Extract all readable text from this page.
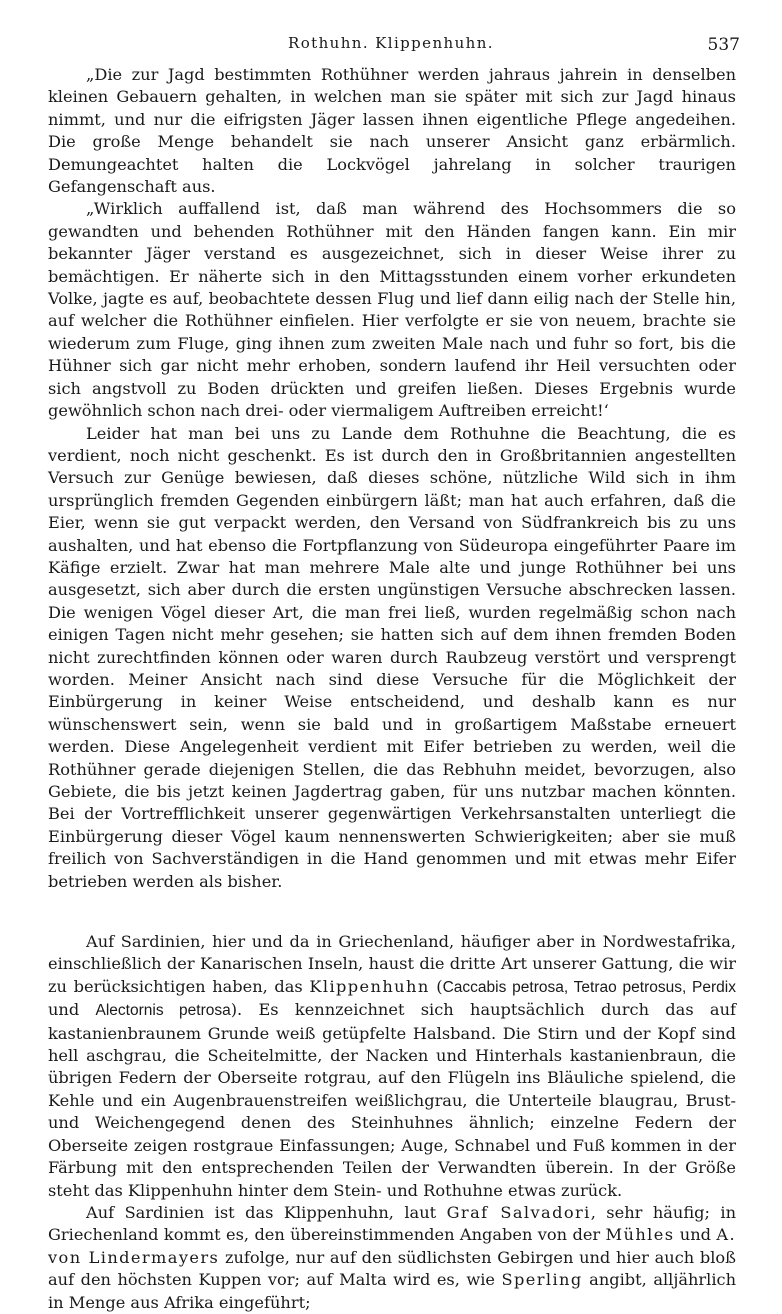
Rothuhn. Klippenhuhn.	537

„Die zur Jagd bestimmten Rothühner werden jahraus jahrein in denselben kleinen Gebauern gehalten, in welchen man sie später mit sich zur Jagd hinaus nimmt, und nur die eifrigsten Jäger lassen ihnen eigentliche Pflege angedeihen. Die große Menge behandelt sie nach unserer Ansicht ganz erbärmlich. Demungeachtet halten die Lockvögel jahrelang in solcher traurigen Gefangenschaft aus.

„Wirklich auffallend ist, daß man während des Hochsommers die so gewandten und behenden Rothühner mit den Händen fangen kann. Ein mir bekannter Jäger verstand es ausgezeichnet, sich in dieser Weise ihrer zu bemächtigen. Er näherte sich in den Mittagsstunden einem vorher erkundeten Volke, jagte es auf, beobachtete dessen Flug und lief dann eilig nach der Stelle hin, auf welcher die Rothühner einfielen. Hier verfolgte er sie von neuem, brachte sie wiederum zum Fluge, ging ihnen zum zweiten Male nach und fuhr so fort, bis die Hühner sich gar nicht mehr erhoben, sondern laufend ihr Heil versuchten oder sich angstvoll zu Boden drückten und greifen ließen. Dieses Ergebnis wurde gewöhnlich schon nach drei- oder viermaligem Auftreiben erreicht!‘

Leider hat man bei uns zu Lande dem Rothuhne die Beachtung, die es verdient, noch nicht geschenkt. Es ist durch den in Großbritannien angestellten Versuch zur Genüge bewiesen, daß dieses schöne, nützliche Wild sich in ihm ursprünglich fremden Gegenden einbürgern läßt; man hat auch erfahren, daß die Eier, wenn sie gut verpackt werden, den Versand von Südfrankreich bis zu uns aushalten, und hat ebenso die Fortpflanzung von Südeuropa eingeführter Paare im Käfige erzielt. Zwar hat man mehrere Male alte und junge Rothühner bei uns ausgesetzt, sich aber durch die ersten ungünstigen Versuche abschrecken lassen. Die wenigen Vögel dieser Art, die man frei ließ, wurden regelmäßig schon nach einigen Tagen nicht mehr gesehen; sie hatten sich auf dem ihnen fremden Boden nicht zurechtfinden können oder waren durch Raubzeug verstört und versprengt worden. Meiner Ansicht nach sind diese Versuche für die Möglichkeit der Einbürgerung in keiner Weise entscheidend, und deshalb kann es nur wünschenswert sein, wenn sie bald und in großartigem Maßstabe erneuert werden. Diese Angelegenheit verdient mit Eifer betrieben zu werden, weil die Rothühner gerade diejenigen Stellen, die das Rebhuhn meidet, bevorzugen, also Gebiete, die bis jetzt keinen Jagdertrag gaben, für uns nutzbar machen könnten. Bei der Vortrefflichkeit unserer gegenwärtigen Verkehrsanstalten unterliegt die Einbürgerung dieser Vögel kaum nennenswerten Schwierigkeiten; aber sie muß freilich von Sachverständigen in die Hand genommen und mit etwas mehr Eifer betrieben werden als bisher.

Auf Sardinien, hier und da in Griechenland, häufiger aber in Nordwestafrika, einschließlich der Kanarischen Inseln, haust die dritte Art unserer Gattung, die wir zu berücksichtigen haben, das Klippenhuhn (Caccabis petrosa, Tetrao petrosus, Perdix und Alectornis petrosa). Es kennzeichnet sich hauptsächlich durch das auf kastanienbraunem Grunde weiß getüpfelte Halsband. Die Stirn und der Kopf sind hell aschgrau, die Scheitelmitte, der Nacken und Hinterhals kastanienbraun, die übrigen Federn der Oberseite rotgrau, auf den Flügeln ins Bläuliche spielend, die Kehle und ein Augenbrauenstreifen weißlichgrau, die Unterteile blaugrau, Brust- und Weichengegend denen des Steinhuhnes ähnlich; einzelne Federn der Oberseite zeigen rostgraue Einfassungen; Auge, Schnabel und Fuß kommen in der Färbung mit den entsprechenden Teilen der Verwandten überein. In der Größe steht das Klippenhuhn hinter dem Stein- und Rothuhne etwas zurück.

Auf Sardinien ist das Klippenhuhn, laut Graf Salvadori, sehr häufig; in Griechenland kommt es, den übereinstimmenden Angaben von der Mühles und A. von Lindermayers zufolge, nur auf den südlichsten Gebirgen und hier auch bloß auf den höchsten Kuppen vor; auf Malta wird es, wie Sperling angibt, alljährlich in Menge aus Afrika eingeführt;
